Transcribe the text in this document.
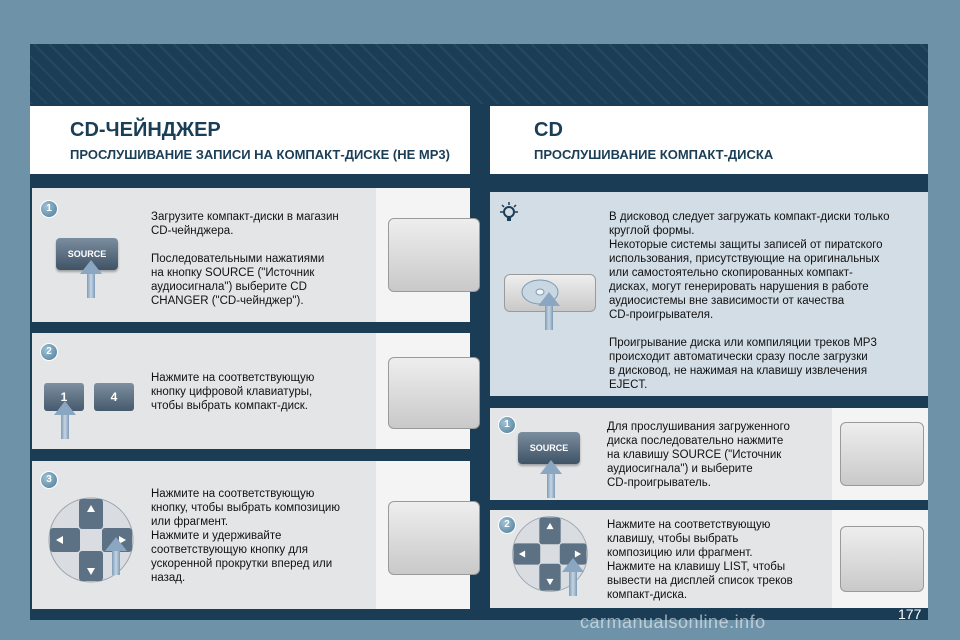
CD-ЧЕЙНДЖЕР
ПРОСЛУШИВАНИЕ ЗАПИСИ НА КОМПАКТ-ДИСКЕ (НЕ MP3)
CD
ПРОСЛУШИВАНИЕ КОМПАКТ-ДИСКА
1
SOURCE
Загрузите компакт-диски в магазин
CD-чейнджера.

Последовательными нажатиями
на кнопку SOURCE ("Источник
аудиосигнала") выберите CD
CHANGER ("CD-чейнджер").
2
1	4
Нажмите на соответствующую
кнопку цифровой клавиатуры,
чтобы выбрать компакт-диск.
3
Нажмите на соответствующую
кнопку, чтобы выбрать композицию
или фрагмент.
Нажмите и удерживайте
соответствующую кнопку для
ускоренной прокрутки вперед или
назад.
В дисковод следует загружать компакт-диски только
круглой формы.
Некоторые системы защиты записей от пиратского
использования, присутствующие на оригинальных
или самостоятельно скопированных компакт-
дисках, могут генерировать нарушения в работе
аудиосистемы вне зависимости от качества
CD-проигрывателя.

Проигрывание диска или компиляции треков MP3
происходит автоматически сразу после загрузки
в дисковод, не нажимая на клавишу извлечения
EJECT.
1
SOURCE
Для прослушивания загруженного
диска последовательно нажмите
на клавишу SOURCE ("Источник
аудиосигнала") и выберите
CD-проигрыватель.
2	Нажмите на соответствующую
клавишу, чтобы выбрать
композицию или фрагмент.
Нажмите на клавишу LIST, чтобы
вывести на дисплей список треков
компакт-диска.
carmanualsonline.info	177
